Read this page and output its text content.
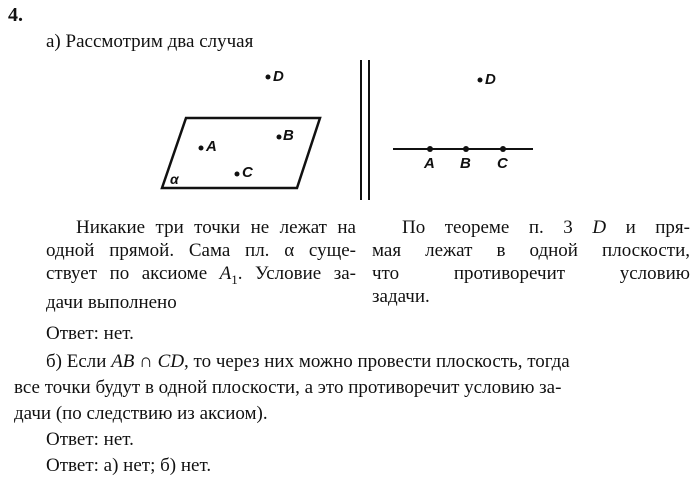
4.
а) Рассмотрим два случая
D
A
B
C
α
D
A B C
Никакие три точки не лежат на
одной прямой. Сама пл. α суще-
ствует по аксиоме $A_1$. Условие за-
дачи выполнено
По теореме п. 3 D и пря-
мая лежат в одной плоскости,
что противоречит условию
задачи.
Ответ: нет.
б) Если AB ∩ CD, то через них можно провести плоскость, тогда
все точки будут в одной плоскости, а это противоречит условию за-
дачи (по следствию из аксиом).
Ответ: нет.
Ответ: а) нет; б) нет.
